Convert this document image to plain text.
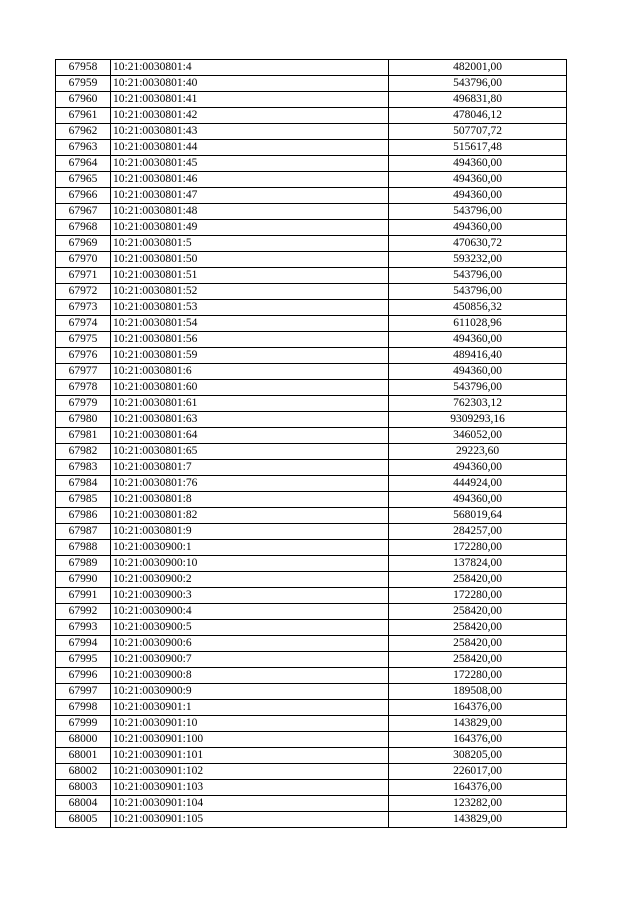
67958	10:21:0030801:4	482001,00
67959	10:21:0030801:40	543796,00
67960	10:21:0030801:41	496831,80
67961	10:21:0030801:42	478046,12
67962	10:21:0030801:43	507707,72
67963	10:21:0030801:44	515617,48
67964	10:21:0030801:45	494360,00
67965	10:21:0030801:46	494360,00
67966	10:21:0030801:47	494360,00
67967	10:21:0030801:48	543796,00
67968	10:21:0030801:49	494360,00
67969	10:21:0030801:5	470630,72
67970	10:21:0030801:50	593232,00
67971	10:21:0030801:51	543796,00
67972	10:21:0030801:52	543796,00
67973	10:21:0030801:53	450856,32
67974	10:21:0030801:54	611028,96
67975	10:21:0030801:56	494360,00
67976	10:21:0030801:59	489416,40
67977	10:21:0030801:6	494360,00
67978	10:21:0030801:60	543796,00
67979	10:21:0030801:61	762303,12
67980	10:21:0030801:63	9309293,16
67981	10:21:0030801:64	346052,00
67982	10:21:0030801:65	29223,60
67983	10:21:0030801:7	494360,00
67984	10:21:0030801:76	444924,00
67985	10:21:0030801:8	494360,00
67986	10:21:0030801:82	568019,64
67987	10:21:0030801:9	284257,00
67988	10:21:0030900:1	172280,00
67989	10:21:0030900:10	137824,00
67990	10:21:0030900:2	258420,00
67991	10:21:0030900:3	172280,00
67992	10:21:0030900:4	258420,00
67993	10:21:0030900:5	258420,00
67994	10:21:0030900:6	258420,00
67995	10:21:0030900:7	258420,00
67996	10:21:0030900:8	172280,00
67997	10:21:0030900:9	189508,00
67998	10:21:0030901:1	164376,00
67999	10:21:0030901:10	143829,00
68000	10:21:0030901:100	164376,00
68001	10:21:0030901:101	308205,00
68002	10:21:0030901:102	226017,00
68003	10:21:0030901:103	164376,00
68004	10:21:0030901:104	123282,00
68005	10:21:0030901:105	143829,00
